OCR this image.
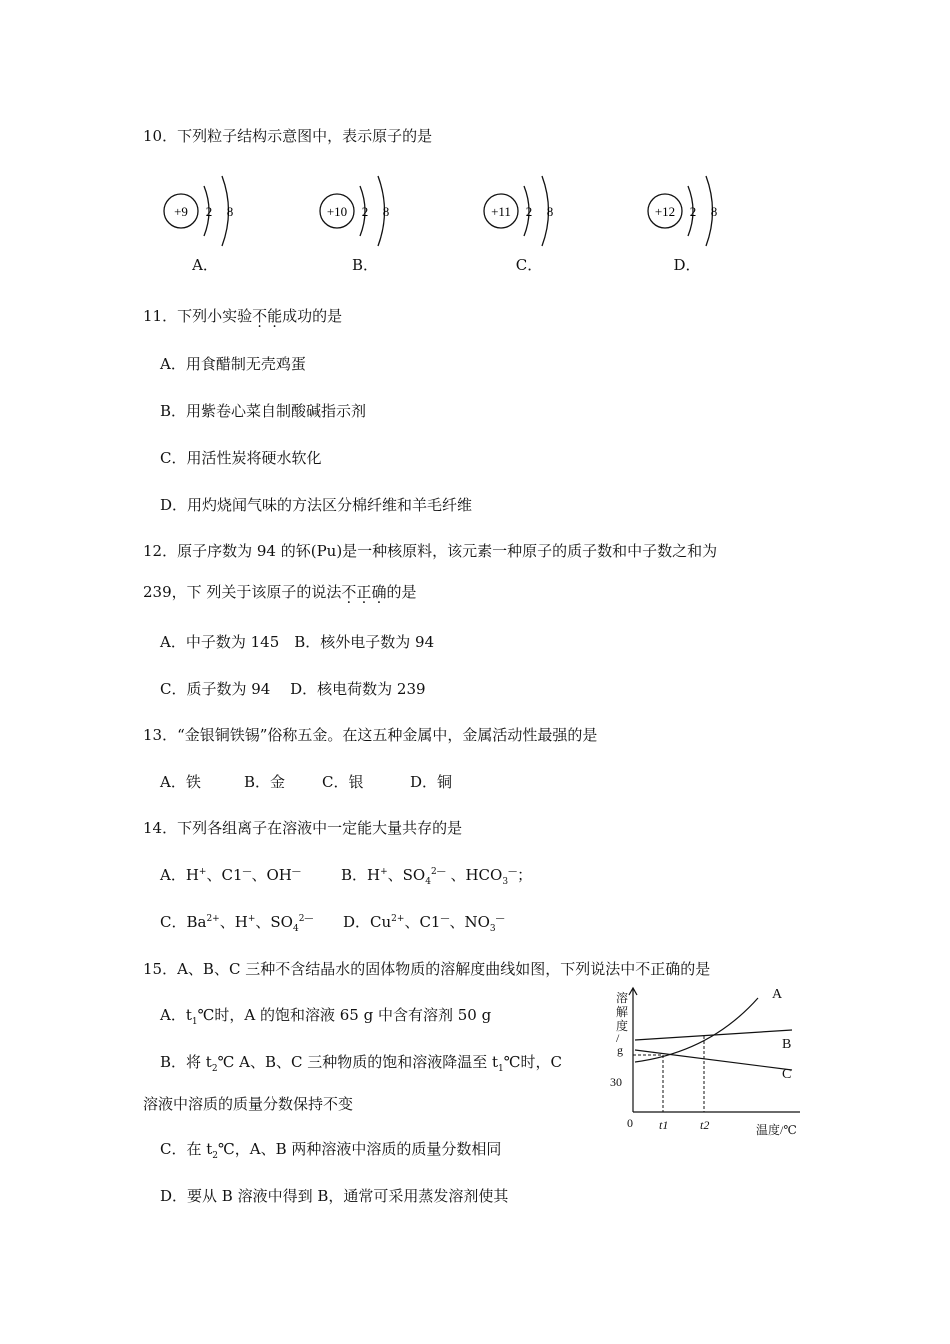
10．下列粒子结构示意图中，表示原子的是
+9 2 8
A．
+10 2 8
B．
+11 2 8
C．
+12 2 8
D．
11．下列小实验不能成功的是
A．用食醋制无壳鸡蛋
B．用紫卷心菜自制酸碱指示剂
C．用活性炭将硬水软化
D．用灼烧闻气味的方法区分棉纤维和羊毛纤维
12．原子序数为 94 的钚(Pu)是一种核原料，该元素一种原子的质子数和中子数之和为
239，下 列关于该原子的说法不正确的是
A．中子数为 145　B．核外电子数为 94
C．质子数为 94　 D．核电荷数为 239
13．“金银铜铁锡”俗称五金。在这五种金属中，金属活动性最强的是
A．铁	B．金 C．银	D．铜
14．下列各组离子在溶液中一定能大量共存的是
A．H+、C1—、OH—	B．H+、$SO_4^{2—}$ 、$HCO_3^—$；
C．$Ba^{2+}$、H+、$SO_4^{2—}$ D．$Cu^{2+}$、C1—、$NO_3^—$
15．A、B、C 三种不含结晶水的固体物质的溶解度曲线如图，下列说法中不正确的是
A．$t_1℃$时，A 的饱和溶液 65 g 中含有溶剂 50 g
B．将 $t_2℃$ A、B、C 三种物质的饱和溶液降温至 $t_1℃$时，C
溶液中溶质的质量分数保持不变
C．在 $t_2℃$，A、B 两种溶液中溶质的质量分数相同
D．要从 B 溶液中得到 B，通常可采用蒸发溶剂使其
溶
解
度
/
g
30
0 t1	t2	温度/℃
A
B
C
